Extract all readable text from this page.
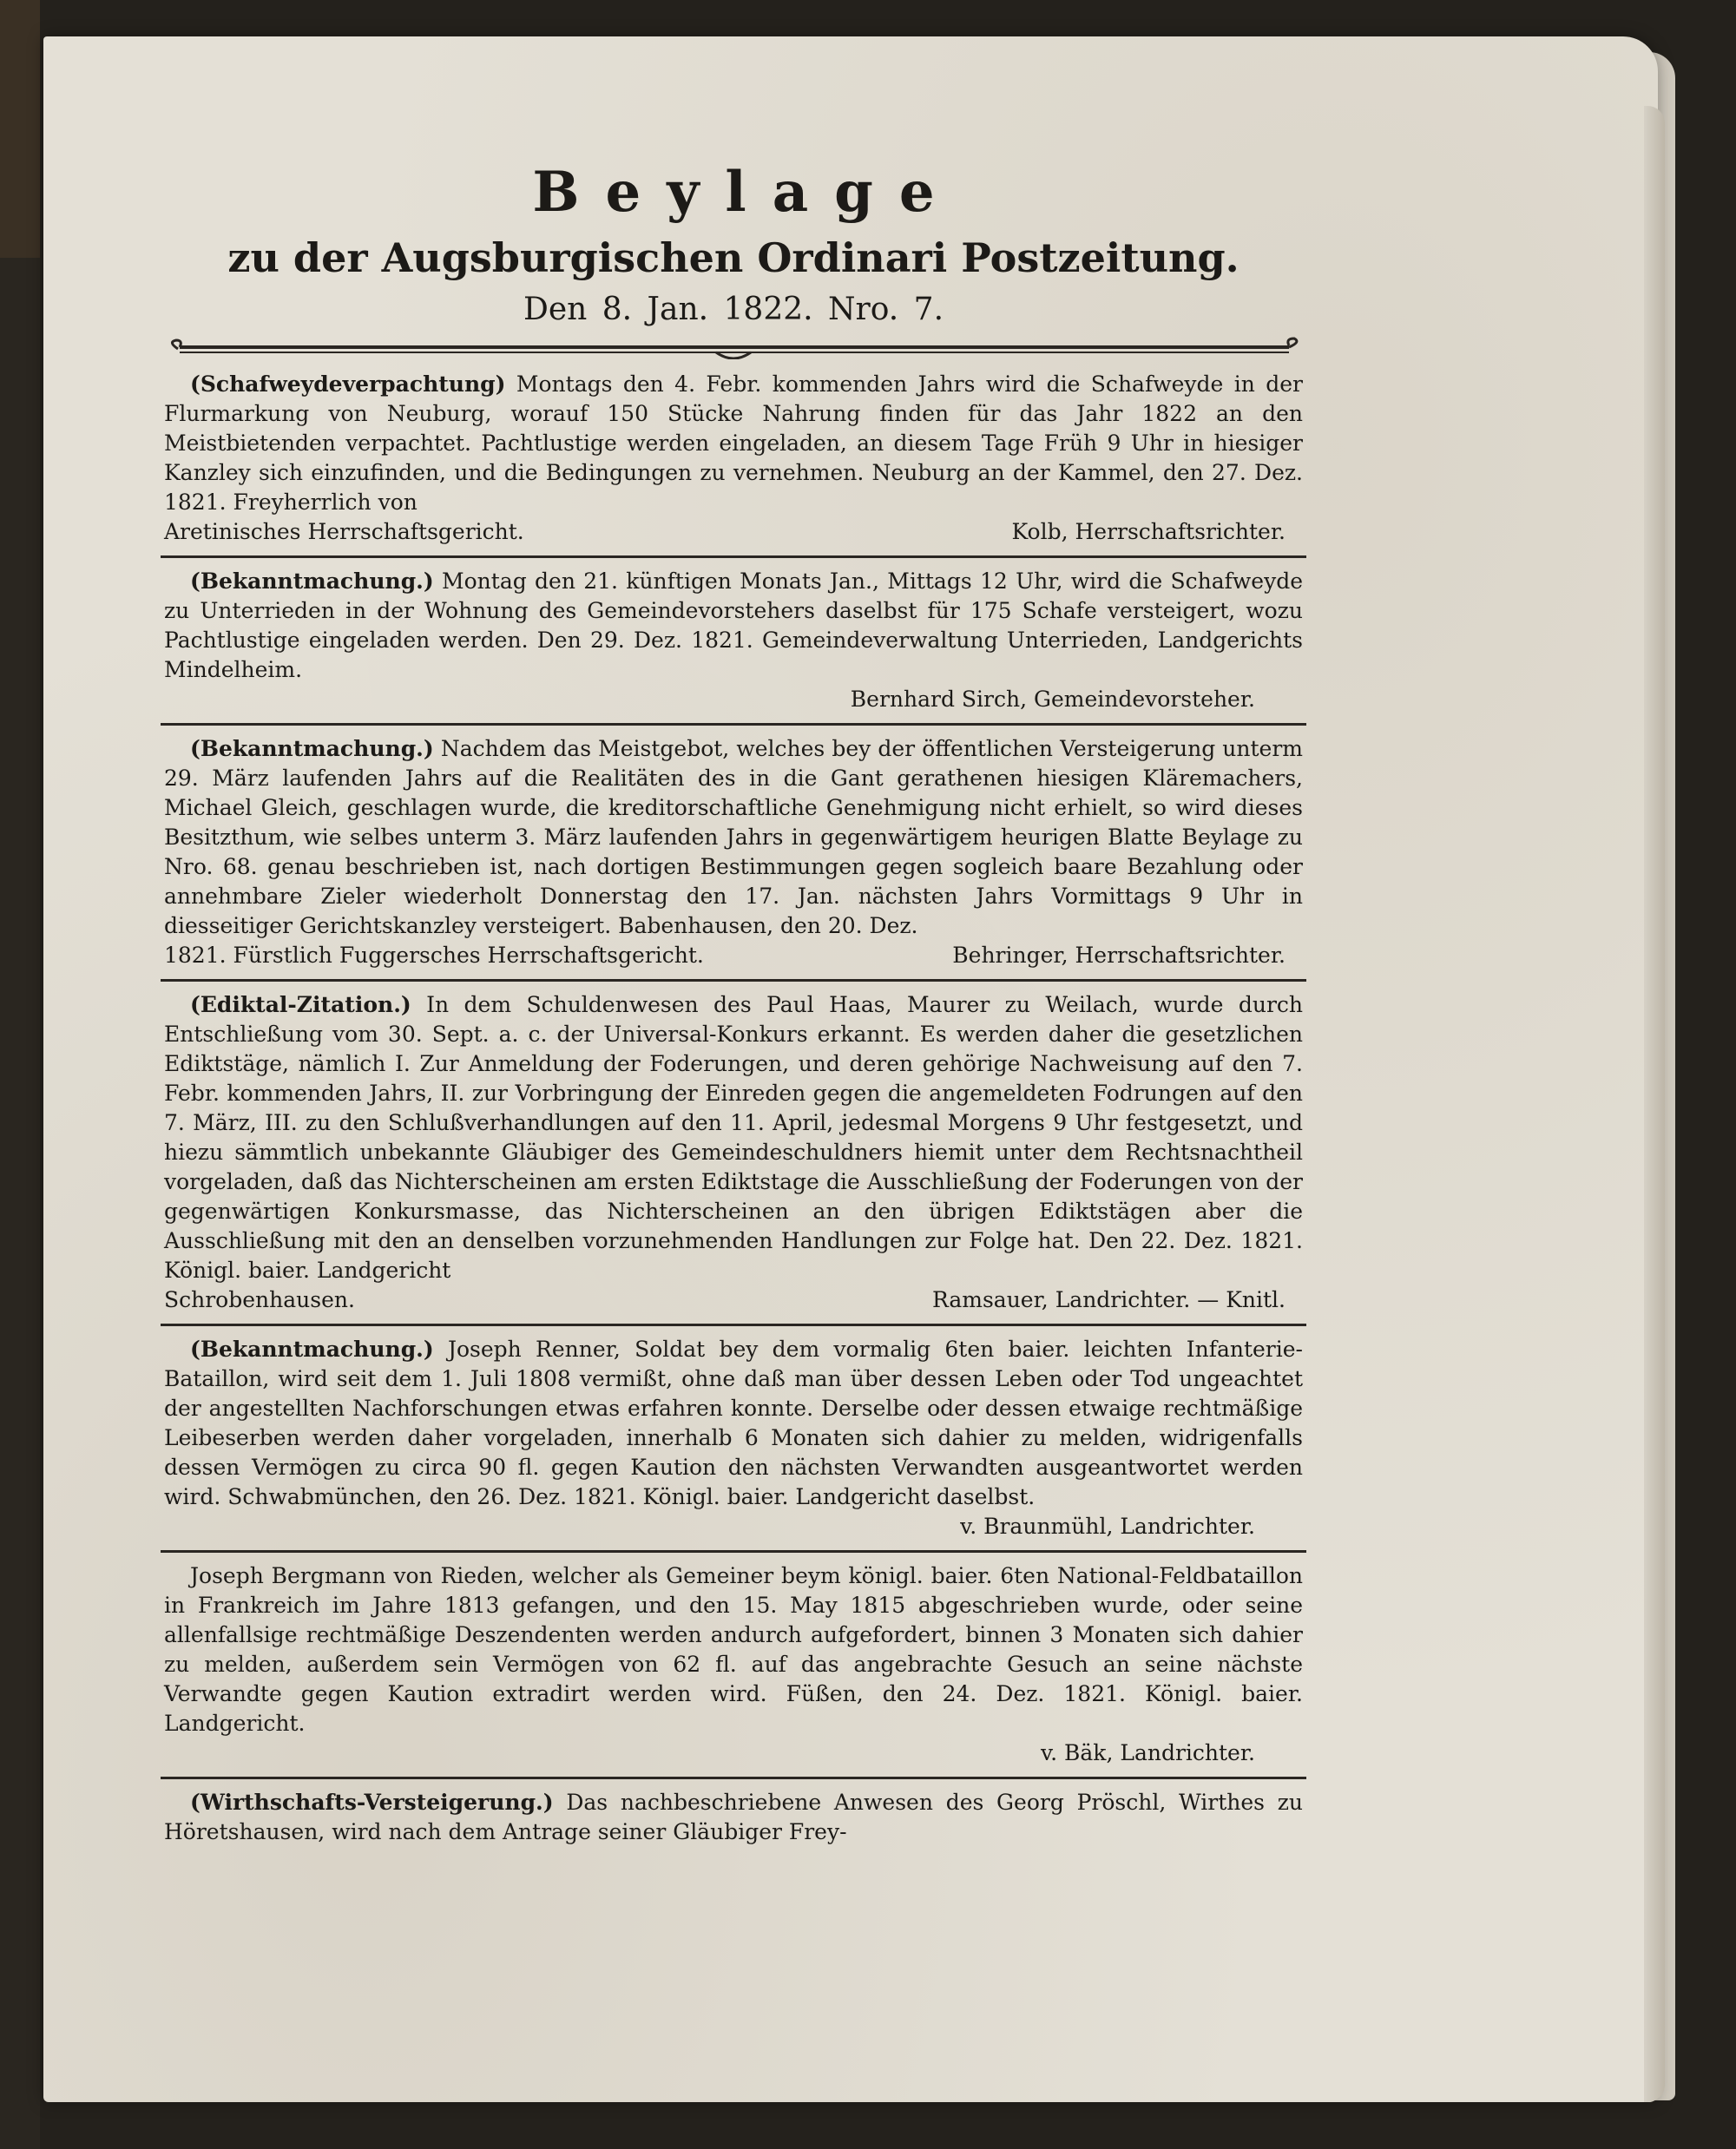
Beylage
zu der Augsburgischen Ordinari Postzeitung.
Den 8. Jan. 1822. Nro. 7.
(Schafweydeverpachtung) Montags den 4. Febr. kommenden Jahrs wird die Schafweyde in der Flurmarkung von Neuburg, worauf 150 Stücke Nahrung finden für das Jahr 1822 an den Meistbietenden verpachtet. Pachtlustige werden eingeladen, an diesem Tage Früh 9 Uhr in hiesiger Kanzley sich einzufinden, und die Bedingungen zu vernehmen. Neuburg an der Kammel, den 27. Dez. 1821. Freyherrlich von
Aretinisches Herrschaftsgericht.	Kolb, Herrschaftsrichter.
(Bekanntmachung.) Montag den 21. künftigen Monats Jan., Mittags 12 Uhr, wird die Schafweyde zu Unterrieden in der Wohnung des Gemeindevorstehers daselbst für 175 Schafe versteigert, wozu Pachtlustige eingeladen werden. Den 29. Dez. 1821. Gemeindeverwaltung Unterrieden, Landgerichts Mindelheim.
Bernhard Sirch, Gemeindevorsteher.
(Bekanntmachung.) Nachdem das Meistgebot, welches bey der öffentlichen Versteigerung unterm 29. März laufenden Jahrs auf die Realitäten des in die Gant gerathenen hiesigen Kläremachers, Michael Gleich, geschlagen wurde, die kreditorschaftliche Genehmigung nicht erhielt, so wird dieses Besitzthum, wie selbes unterm 3. März laufenden Jahrs in gegenwärtigem heurigen Blatte Beylage zu Nro. 68. genau beschrieben ist, nach dortigen Bestimmungen gegen sogleich baare Bezahlung oder annehmbare Zieler wiederholt Donnerstag den 17. Jan. nächsten Jahrs Vormittags 9 Uhr in diesseitiger Gerichtskanzley versteigert. Babenhausen, den 20. Dez.
1821. Fürstlich Fuggersches Herrschaftsgericht.	Behringer, Herrschaftsrichter.
(Ediktal-Zitation.) In dem Schuldenwesen des Paul Haas, Maurer zu Weilach, wurde durch Entschließung vom 30. Sept. a. c. der Universal-Konkurs erkannt. Es werden daher die gesetzlichen Ediktstäge, nämlich I. Zur Anmeldung der Foderungen, und deren gehörige Nachweisung auf den 7. Febr. kommenden Jahrs, II. zur Vorbringung der Einreden gegen die angemeldeten Fodrungen auf den 7. März, III. zu den Schlußverhandlungen auf den 11. April, jedesmal Morgens 9 Uhr festgesetzt, und hiezu sämmtlich unbekannte Gläubiger des Gemeindeschuldners hiemit unter dem Rechtsnachtheil vorgeladen, daß das Nichterscheinen am ersten Ediktstage die Ausschließung der Foderungen von der gegenwärtigen Konkursmasse, das Nichterscheinen an den übrigen Ediktstägen aber die Ausschließung mit den an denselben vorzunehmenden Handlungen zur Folge hat. Den 22. Dez. 1821. Königl. baier. Landgericht
Schrobenhausen.	Ramsauer, Landrichter. — Knitl.
(Bekanntmachung.) Joseph Renner, Soldat bey dem vormalig 6ten baier. leichten Infanterie-Bataillon, wird seit dem 1. Juli 1808 vermißt, ohne daß man über dessen Leben oder Tod ungeachtet der angestellten Nachforschungen etwas erfahren konnte. Derselbe oder dessen etwaige rechtmäßige Leibeserben werden daher vorgeladen, innerhalb 6 Monaten sich dahier zu melden, widrigenfalls dessen Vermögen zu circa 90 fl. gegen Kaution den nächsten Verwandten ausgeantwortet werden wird. Schwabmünchen, den 26. Dez. 1821. Königl. baier. Landgericht daselbst.
v. Braunmühl, Landrichter.
Joseph Bergmann von Rieden, welcher als Gemeiner beym königl. baier. 6ten National-Feldbataillon in Frankreich im Jahre 1813 gefangen, und den 15. May 1815 abgeschrieben wurde, oder seine allenfallsige rechtmäßige Deszendenten werden andurch aufgefordert, binnen 3 Monaten sich dahier zu melden, außerdem sein Vermögen von 62 fl. auf das angebrachte Gesuch an seine nächste Verwandte gegen Kaution extradirt werden wird. Füßen, den 24. Dez. 1821. Königl. baier. Landgericht.
v. Bäk, Landrichter.
(Wirthschafts-Versteigerung.) Das nachbeschriebene Anwesen des Georg Pröschl, Wirthes zu Höretshausen, wird nach dem Antrage seiner Gläubiger Frey-
